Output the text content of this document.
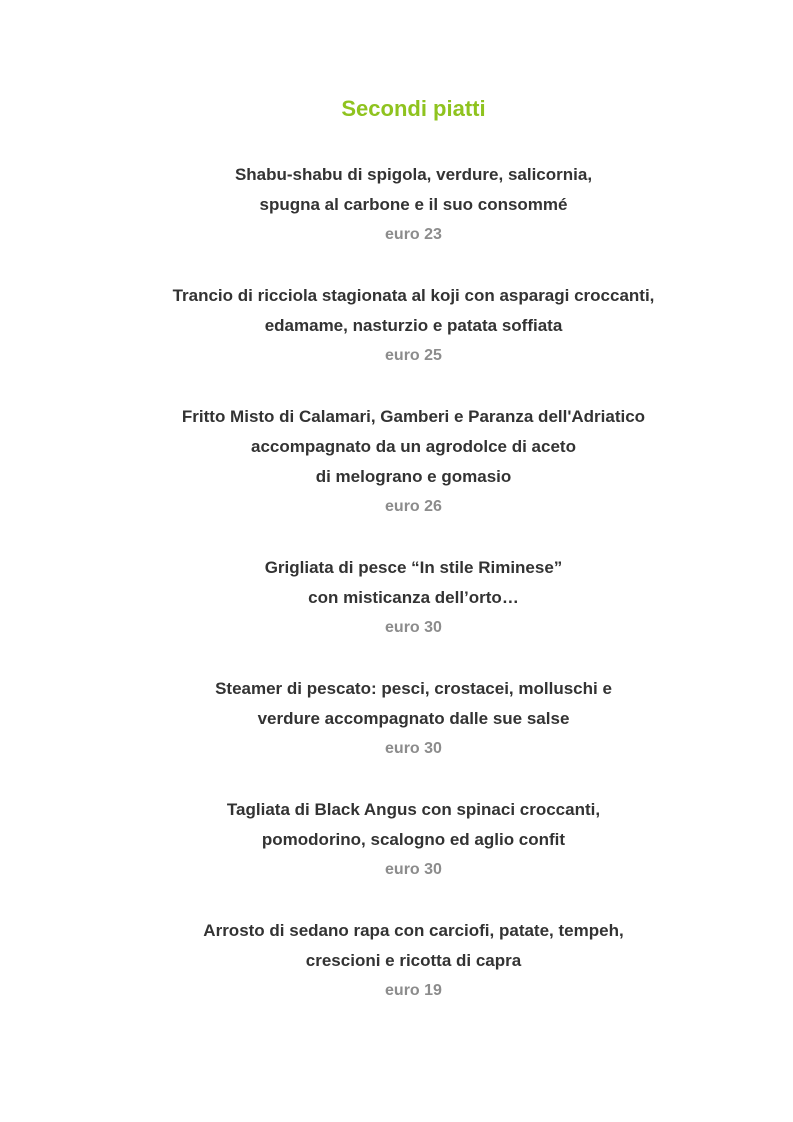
Secondi piatti
Shabu-shabu di spigola, verdure, salicornia,
spugna al carbone e il suo consommé
euro 23
Trancio di ricciola stagionata al koji con asparagi croccanti,
edamame, nasturzio e patata soffiata
euro 25
Fritto Misto di Calamari, Gamberi e Paranza dell'Adriatico
accompagnato da un agrodolce di aceto
di melograno e gomasio
euro 26
Grigliata di pesce “In stile Riminese”
con misticanza dell’orto…
euro 30
Steamer di pescato: pesci, crostacei, molluschi e
verdure accompagnato dalle sue salse
euro 30
Tagliata di Black Angus con spinaci croccanti,
pomodorino, scalogno ed aglio confit
euro 30
Arrosto di sedano rapa con carciofi, patate, tempeh,
crescioni e ricotta di capra
euro 19
